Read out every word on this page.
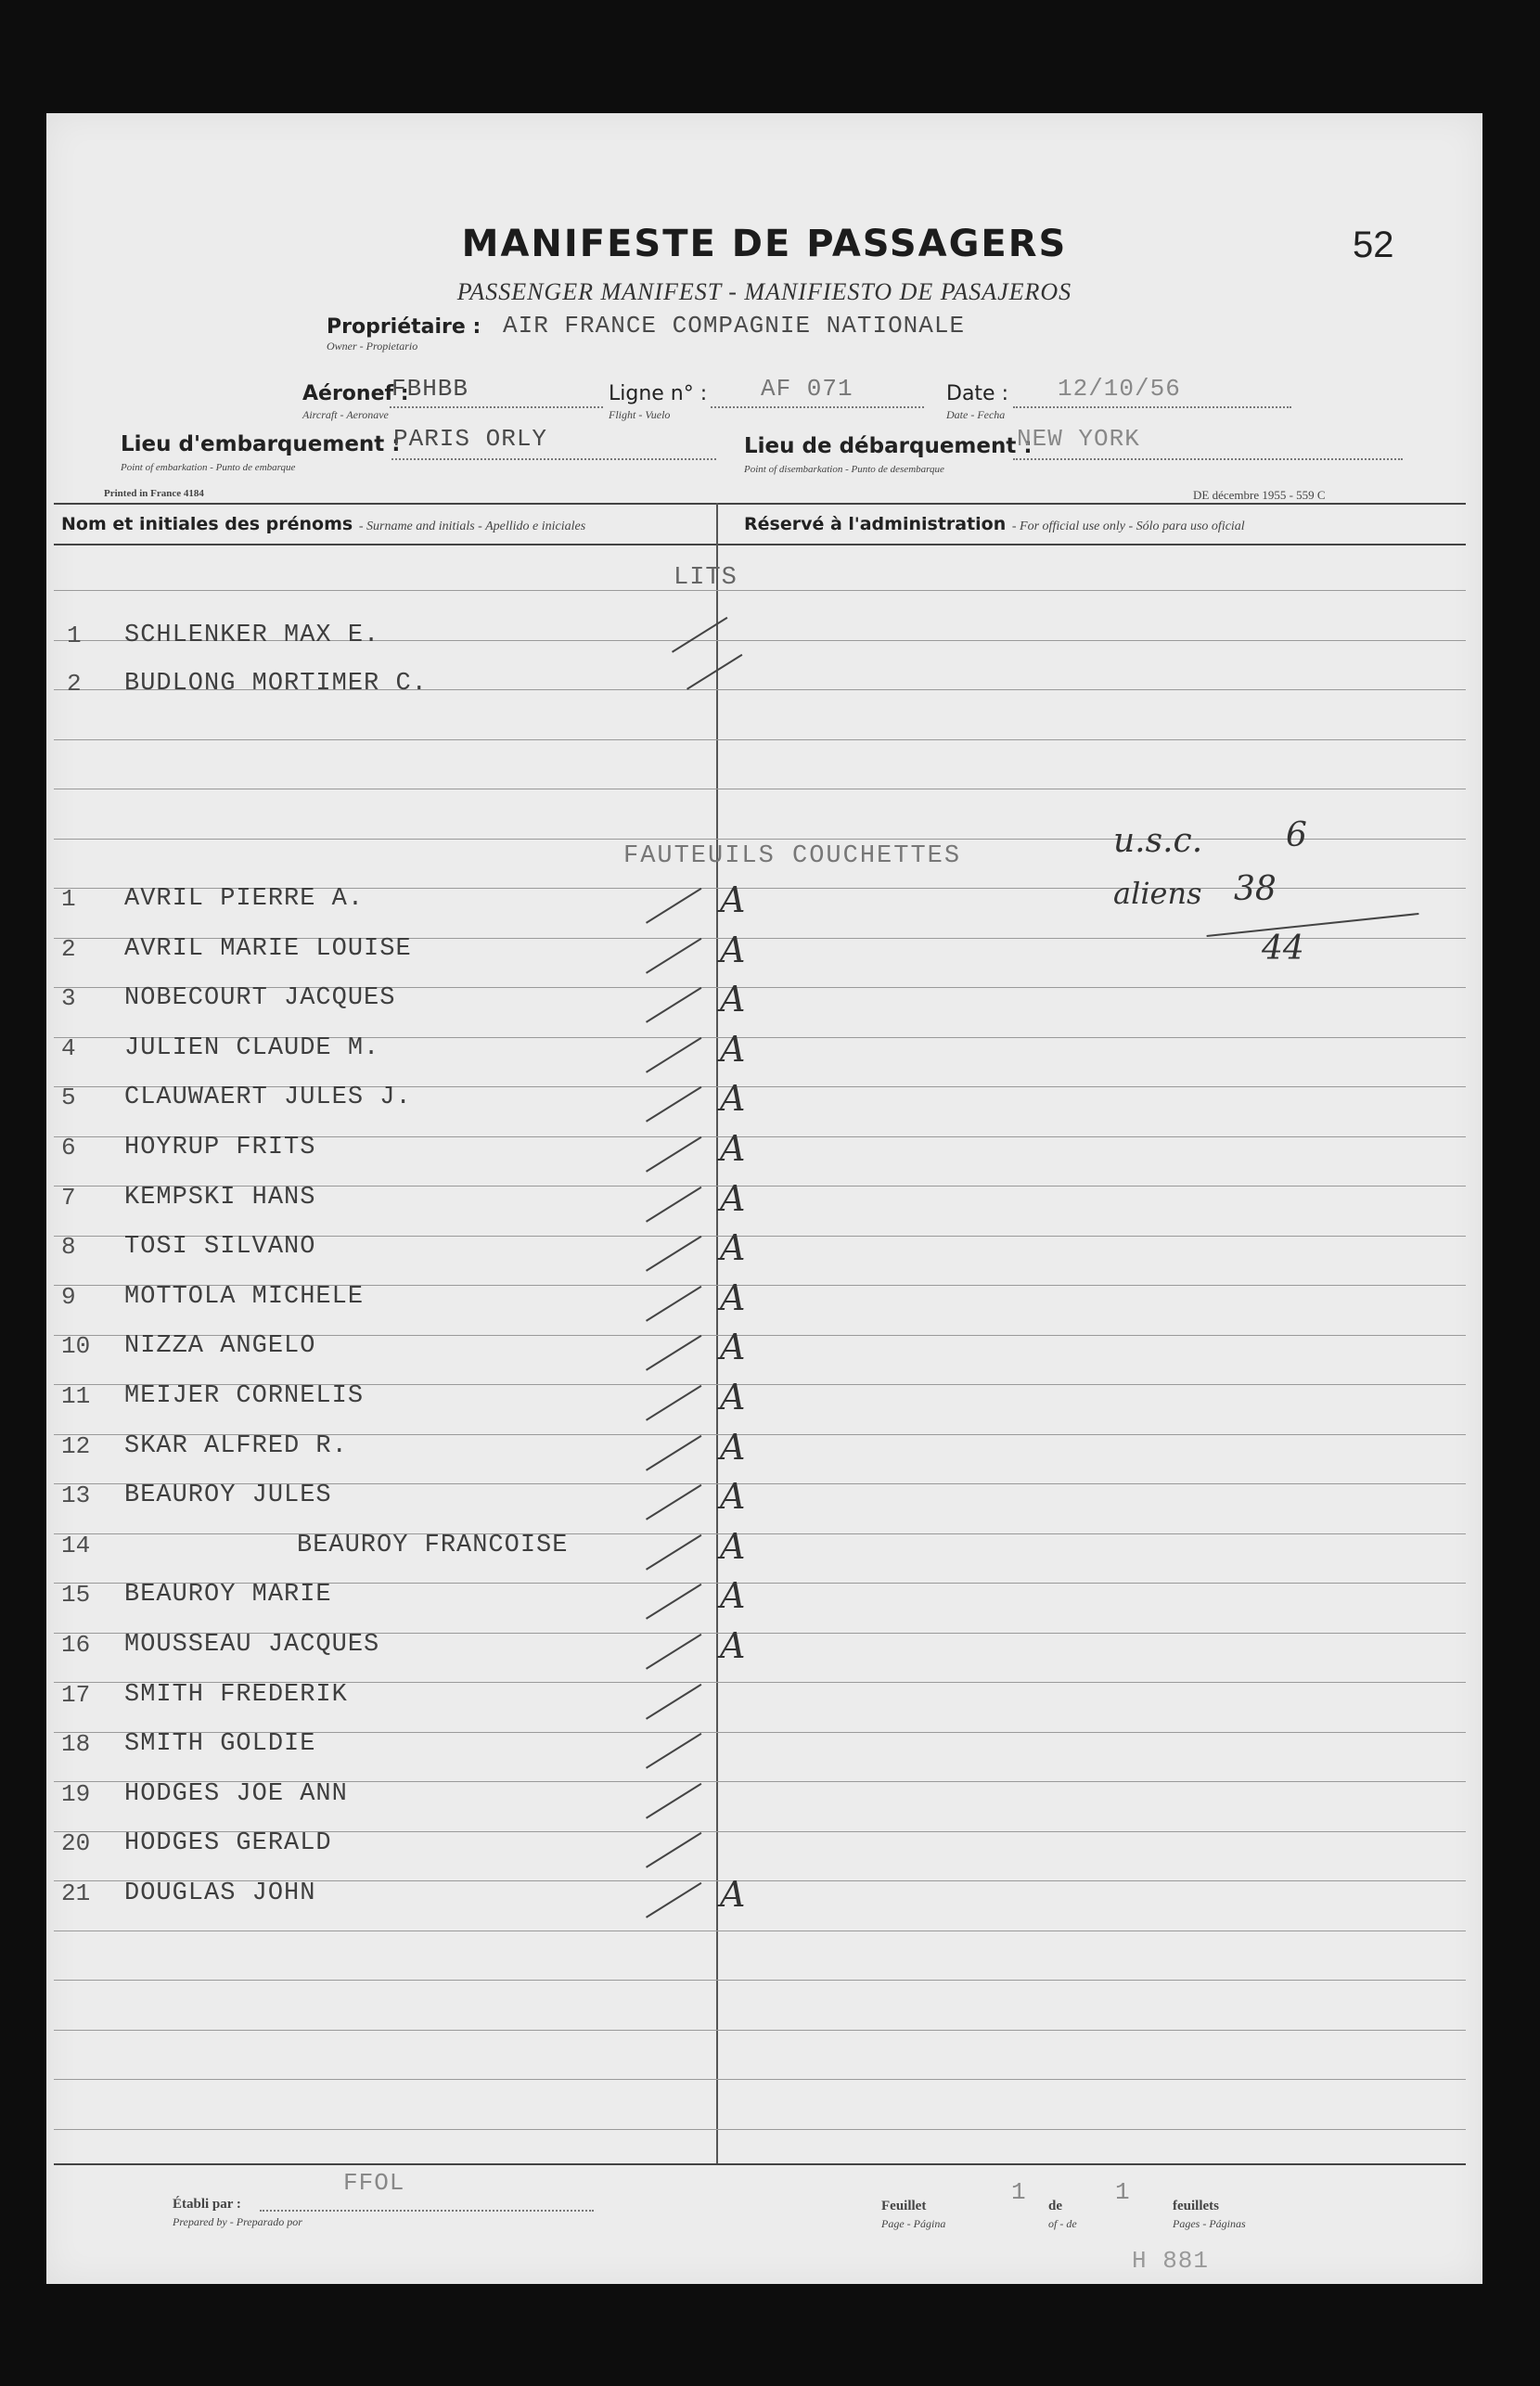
MANIFESTE DE PASSAGERS	52
PASSENGER MANIFEST - MANIFIESTO DE PASAJEROS
Propriétaire : AIR FRANCE COMPAGNIE NATIONALE
Owner - Propietario
Aéronef :
FBHBB
Aircraft - Aeronave
Ligne n° : AF 071
Flight - Vuelo
Date : 12/10/56
Date - Fecha
Lieu d'embarquement :
PARIS ORLY
Point of embarkation - Punto de embarque
Lieu de débarquement :
NEW YORK
Point of disembarkation - Punto de desembarque
Printed in France 4184	DE décembre 1955 - 559 C
Nom et initiales des prénoms - Surname and initials - Apellido e iniciales	Réservé à l'administration - For official use only - Sólo para uso oficial
LITS
1 SCHLENKER MAX E.
2 BUDLONG MORTIMER C.
FAUTEUILS COUCHETTES
1 AVRIL PIERRE A.	A
2 AVRIL MARIE LOUISE	A
3 NOBECOURT JACQUES	A
4 JULIEN CLAUDE M.	A
5 CLAUWAERT JULES J.	A
6 HOYRUP FRITS	A
7 KEMPSKI HANS	A
8 TOSI SILVANO	A
9 MOTTOLA MICHELE	A
10 NIZZA ANGELO	A
11 MEIJER CORNELIS	A
12 SKAR ALFRED R.	A
13 BEAUROY JULES	A
14	BEAUROY FRANCOISE	A
15 BEAUROY MARIE	A
16 MOUSSEAU JACQUES	A
17 SMITH FREDERIK
18 SMITH GOLDIE
19 HODGES JOE ANN
20 HODGES GERALD
21 DOUGLAS JOHN	A
u.s.c. 6
aliens 38
44
Établi par :
Prepared by - Preparado por
FFOL
Feuillet
Page - Página
1 de
of - de
1	feuillets
Pages - Páginas
H 881
